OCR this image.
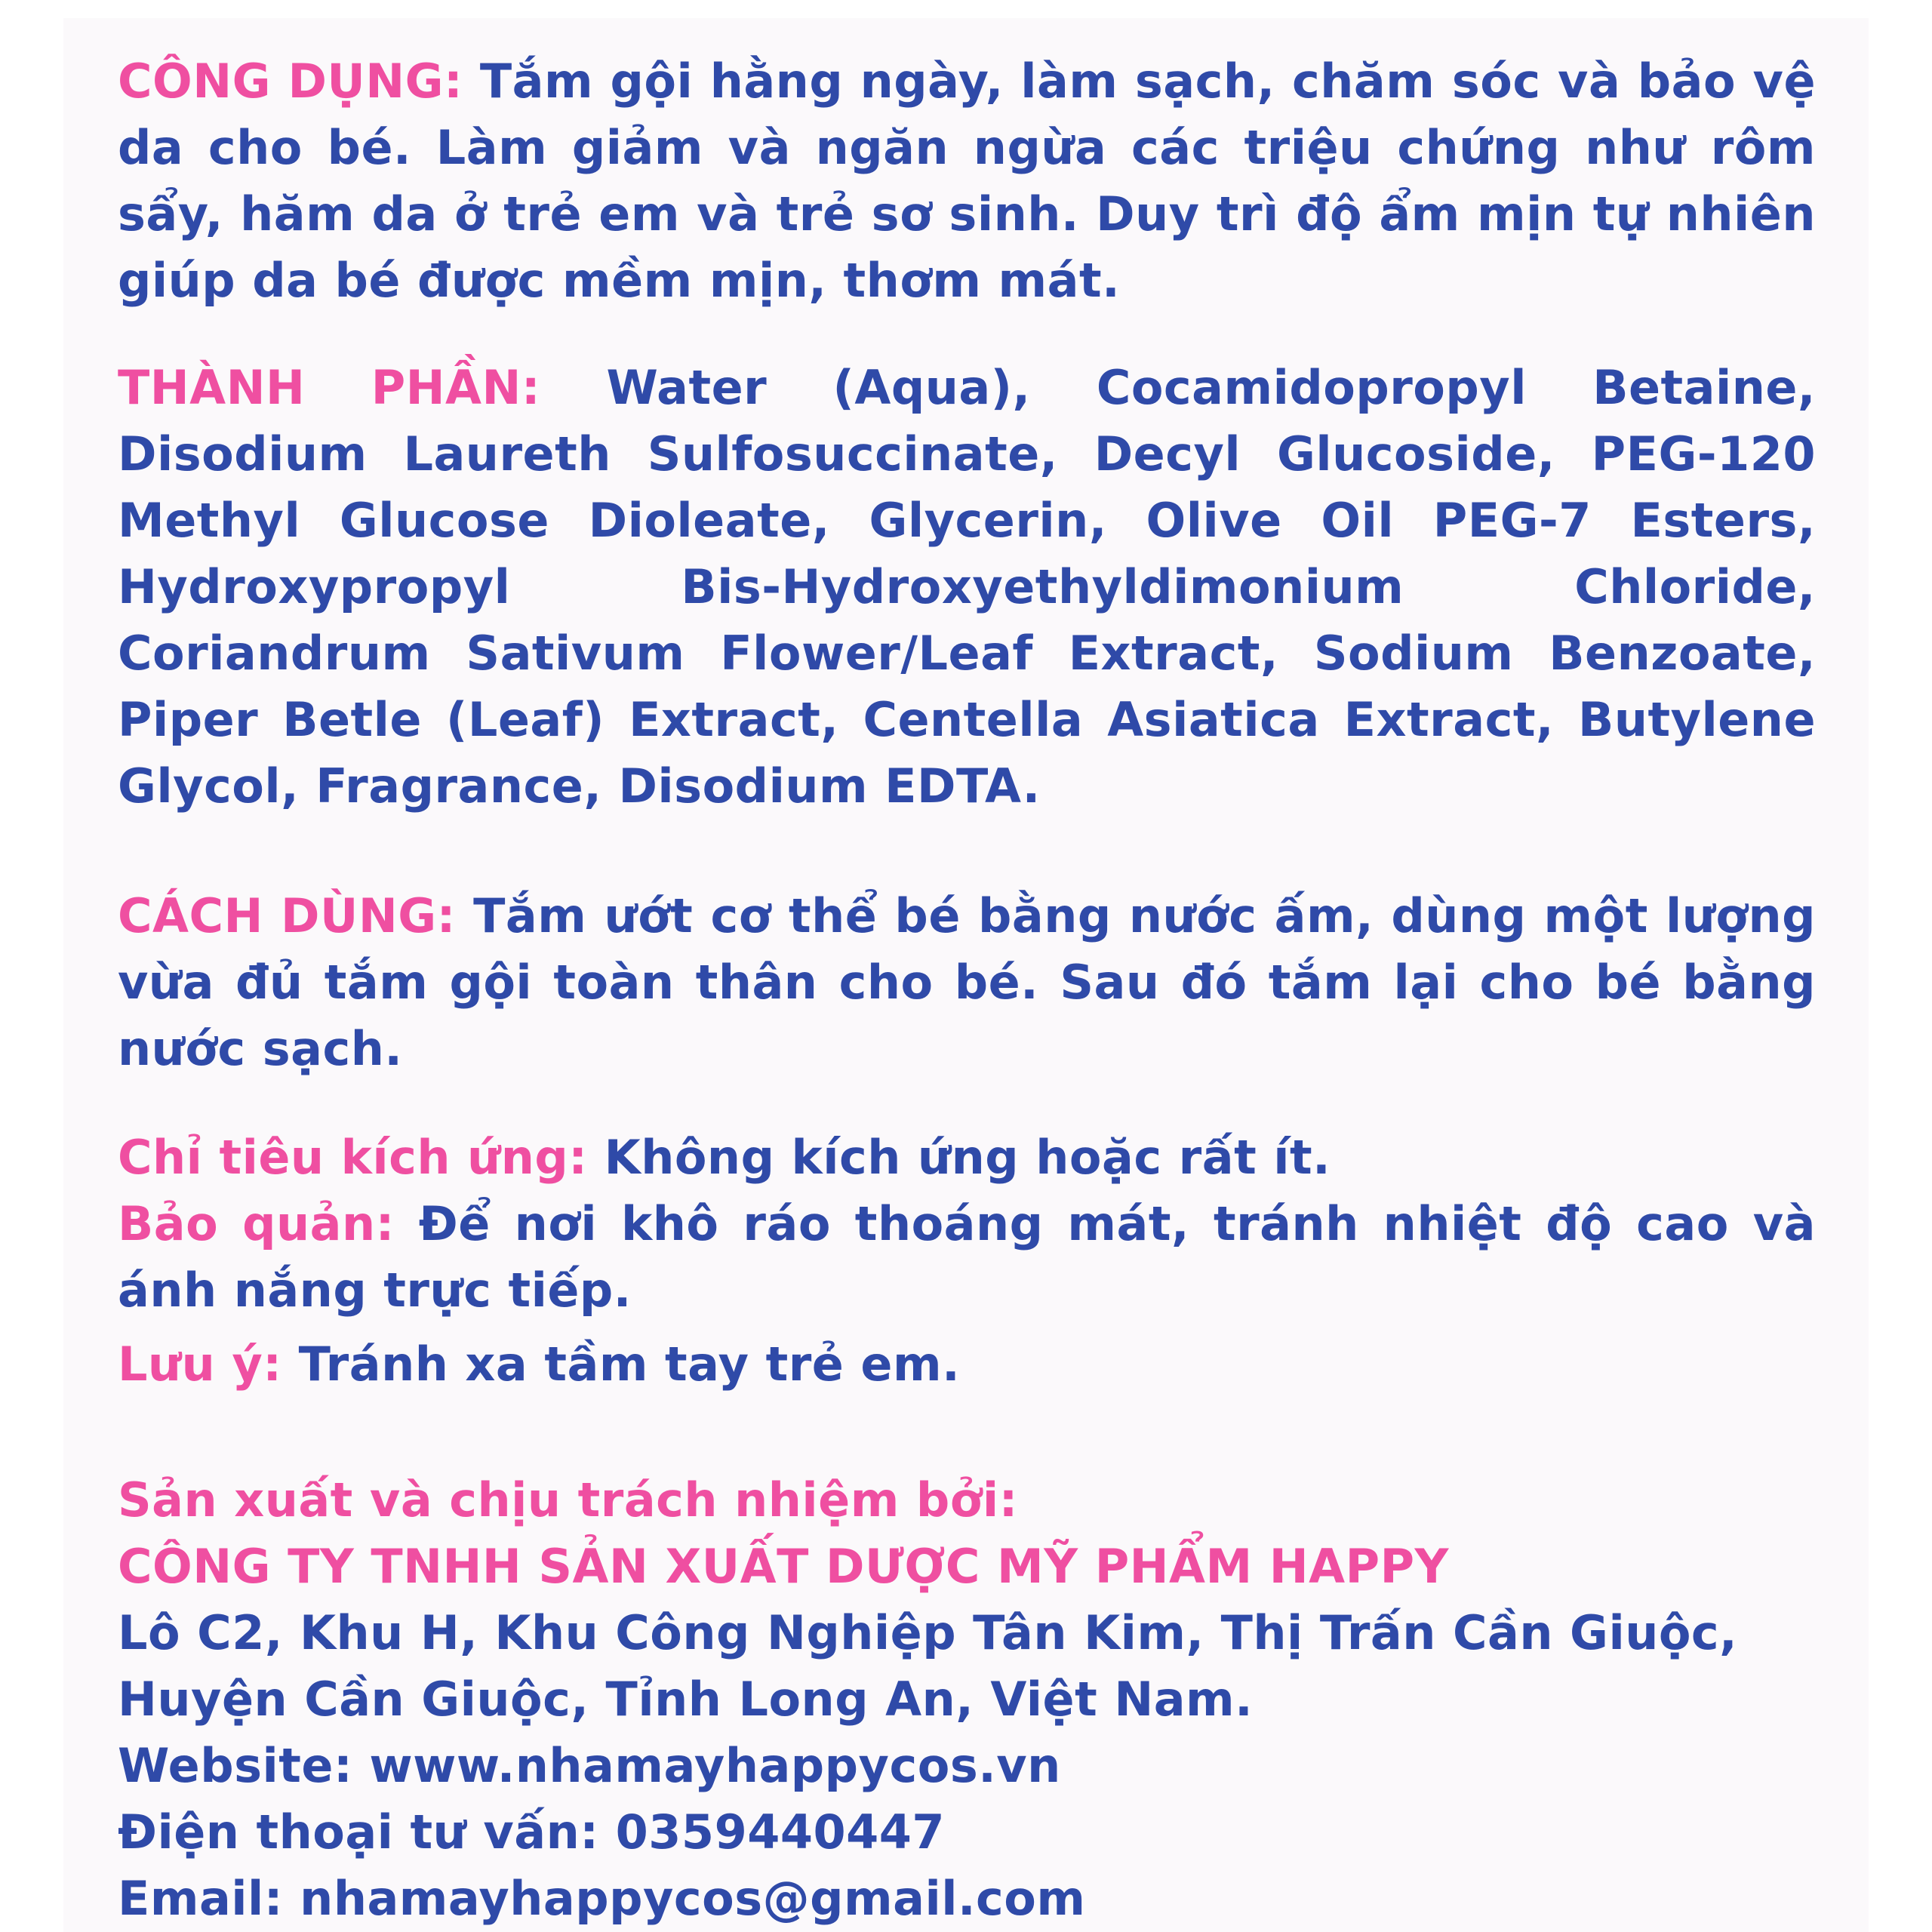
CÔNG DỤNG: Tắm gội hằng ngày, làm sạch, chăm sóc và bảo vệ da cho bé. Làm giảm và ngăn ngừa các triệu chứng như rôm sẩy, hăm da ở trẻ em và trẻ sơ sinh. Duy trì độ ẩm mịn tự nhiên giúp da bé được mềm mịn, thơm mát.

THÀNH PHẦN: Water (Aqua), Cocamidopropyl Betaine, Disodium Laureth Sulfosuccinate, Decyl Glucoside, PEG-120 Methyl Glucose Dioleate, Glycerin, Olive Oil PEG-7 Esters, Hydroxypropyl Bis-Hydroxyethyldimonium Chloride, Coriandrum Sativum Flower/Leaf Extract, Sodium Benzoate, Piper Betle (Leaf) Extract, Centella Asiatica Extract, Butylene Glycol, Fragrance, Disodium EDTA.

CÁCH DÙNG: Tắm ướt cơ thể bé bằng nước ấm, dùng một lượng vừa đủ tắm gội toàn thân cho bé. Sau đó tắm lại cho bé bằng nước sạch.

Chỉ tiêu kích ứng: Không kích ứng hoặc rất ít.

Bảo quản: Để nơi khô ráo thoáng mát, tránh nhiệt độ cao và ánh nắng trực tiếp.

Lưu ý: Tránh xa tầm tay trẻ em.

Sản xuất và chịu trách nhiệm bởi:
CÔNG TY TNHH SẢN XUẤT DƯỢC MỸ PHẨM HAPPY
Lô C2, Khu H, Khu Công Nghiệp Tân Kim, Thị Trấn Cần Giuộc,
Huyện Cần Giuộc, Tỉnh Long An, Việt Nam.
Website: www.nhamayhappycos.vn
Điện thoại tư vấn: 0359440447
Email: nhamayhappycos@gmail.com
